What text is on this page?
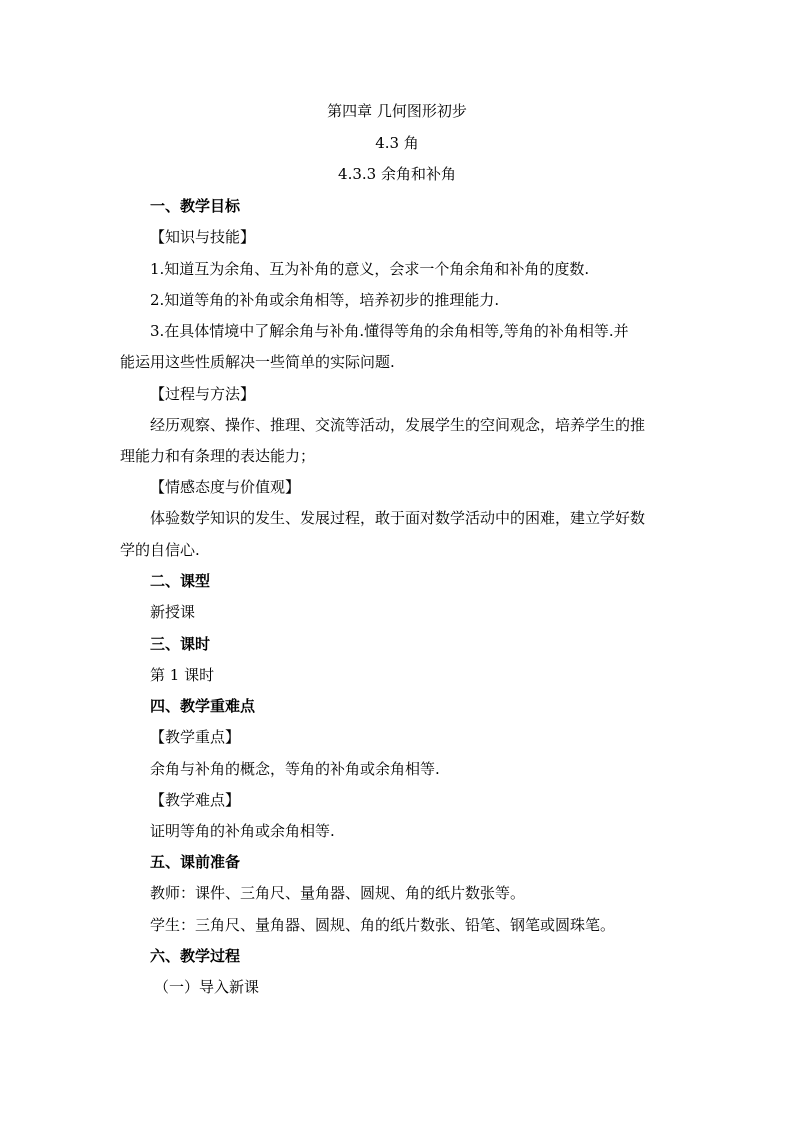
第四章 几何图形初步
4.3 角
4.3.3 余角和补角
一、教学目标
【知识与技能】
1.知道互为余角、互为补角的意义，会求一个角余角和补角的度数.
2.知道等角的补角或余角相等，培养初步的推理能力.
3.在具体情境中了解余角与补角.懂得等角的余角相等,等角的补角相等.并
能运用这些性质解决一些简单的实际问题.
【过程与方法】
经历观察、操作、推理、交流等活动，发展学生的空间观念，培养学生的推
理能力和有条理的表达能力；
【情感态度与价值观】
体验数学知识的发生、发展过程，敢于面对数学活动中的困难，建立学好数
学的自信心.
二、课型
新授课
三、课时
第 1 课时
四、教学重难点
【教学重点】
余角与补角的概念，等角的补角或余角相等.
【教学难点】
证明等角的补角或余角相等.
五、课前准备
教师：课件、三角尺、量角器、圆规、角的纸片数张等。
学生：三角尺、量角器、圆规、角的纸片数张、铅笔、钢笔或圆珠笔。
六、教学过程
（一）导入新课
